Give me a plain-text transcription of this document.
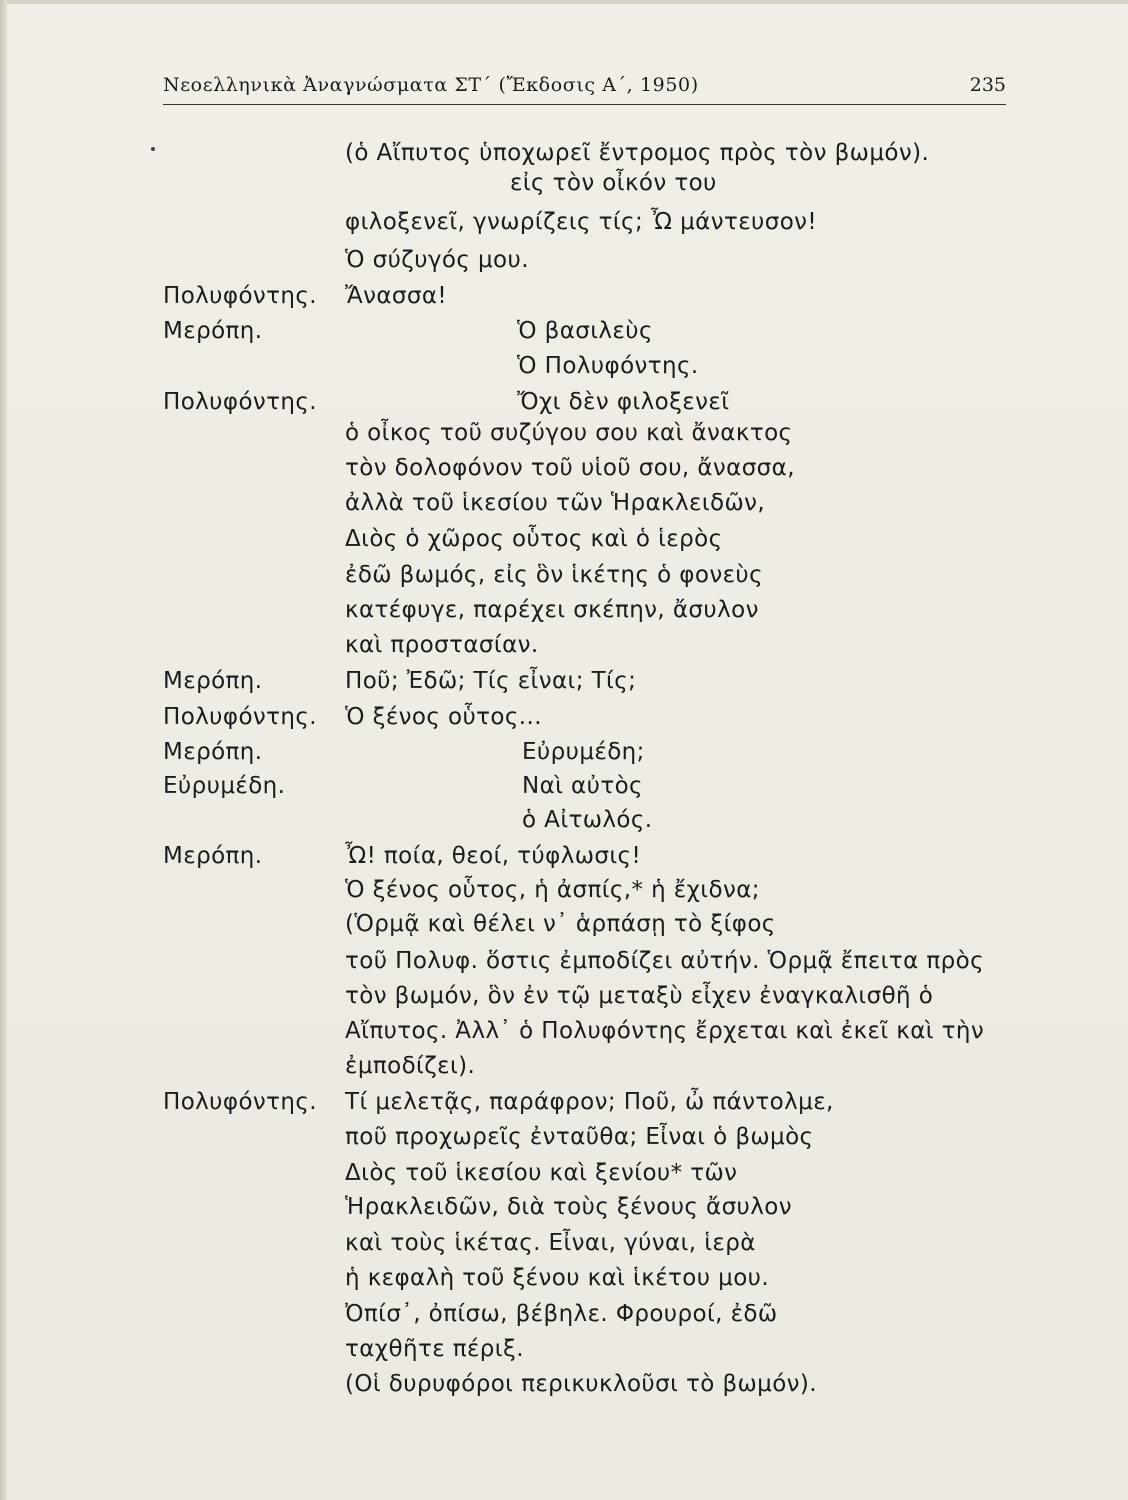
Νεοελληνικὰ Ἀναγνώσματα ΣΤ΄ (Ἔκδοσις Α΄, 1950)	235
(ὁ Αἴπυτος ὑποχωρεῖ ἔντρομος πρὸς τὸν βωμόν).
εἰς τὸν οἶκόν του
φιλοξενεῖ, γνωρίζεις τίς; Ὦ μάντευσον!
Ὁ σύζυγός μου.
Πολυφόντης. Ἄνασσα!
Μερόπη.	Ὁ βασιλεὺς
Ὁ Πολυφόντης.
Πολυφόντης.	Ὄχι δὲν φιλοξενεῖ
ὁ οἶκος τοῦ συζύγου σου καὶ ἄνακτος
τὸν δολοφόνον τοῦ υἱοῦ σου, ἄνασσα,
ἀλλὰ τοῦ ἱκεσίου τῶν Ἡρακλειδῶν,
Διὸς ὁ χῶρος οὗτος καὶ ὁ ἱερὸς
ἐδῶ βωμός, εἰς ὃν ἱκέτης ὁ φονεὺς
κατέφυγε, παρέχει σκέπην, ἄσυλον
καὶ προστασίαν.
Μερόπη.	Ποῦ; Ἐδῶ; Τίς εἶναι; Τίς;
Πολυφόντης. Ὁ ξένος οὗτος...
Μερόπη.	Εὐρυμέδη;
Εὐρυμέδη.	Ναὶ αὐτὸς
ὁ Αἰτωλός.
Μερόπη.	Ὦ! ποία, θεοί, τύφλωσις!
Ὁ ξένος οὗτος, ἡ ἀσπίς,* ἡ ἔχιδνα;
(Ὁρμᾷ καὶ θέλει ν᾿ ἁρπάσῃ τὸ ξίφος
τοῦ Πολυφ. ὅστις ἐμποδίζει αὐτήν. Ὁρμᾷ ἔπειτα πρὸς
τὸν βωμόν, ὃν ἐν τῷ μεταξὺ εἶχεν ἐναγκαλισθῆ ὁ
Αἴπυτος. Ἀλλ᾿ ὁ Πολυφόντης ἔρχεται καὶ ἐκεῖ καὶ τὴν
ἐμποδίζει).
Πολυφόντης. Τί μελετᾷς, παράφρον; Ποῦ, ὦ πάντολμε,
ποῦ προχωρεῖς ἐνταῦθα; Εἶναι ὁ βωμὸς
Διὸς τοῦ ἱκεσίου καὶ ξενίου* τῶν
Ἡρακλειδῶν, διὰ τοὺς ξένους ἄσυλον
καὶ τοὺς ἱκέτας. Εἶναι, γύναι, ἱερὰ
ἡ κεφαλὴ τοῦ ξένου καὶ ἱκέτου μου.
Ὀπίσ᾿, ὀπίσω, βέβηλε. Φρουροί, ἐδῶ
ταχθῆτε πέριξ.
(Οἱ δυρυφόροι περικυκλοῦσι τὸ βωμόν).
